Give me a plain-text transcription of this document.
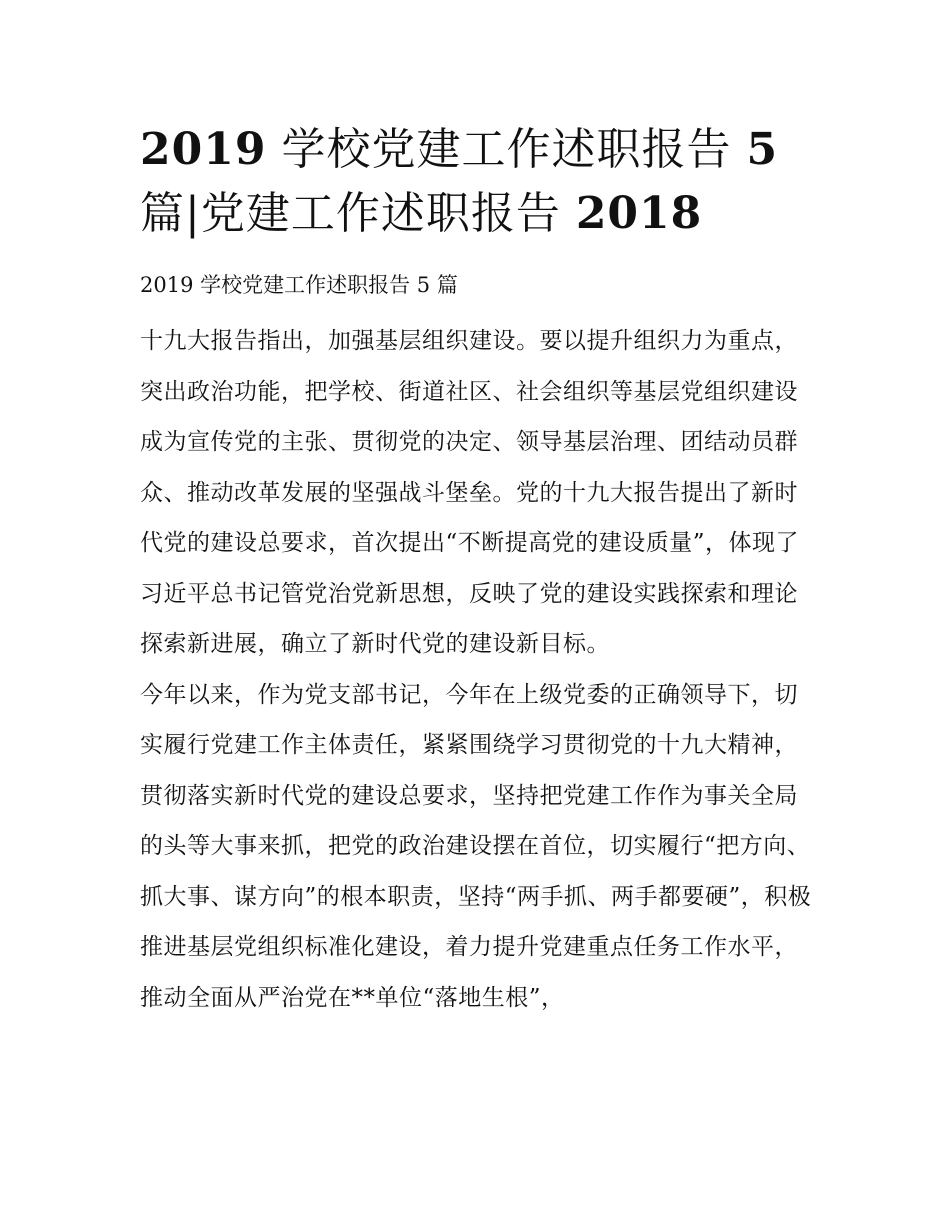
2019 学校党建工作述职报告 5
篇|党建工作述职报告 2018

2019 学校党建工作述职报告 5 篇

十九大报告指出，加强基层组织建设。要以提升组织力为重点，突出政治功能，把学校、街道社区、社会组织等基层党组织建设成为宣传党的主张、贯彻党的决定、领导基层治理、团结动员群众、推动改革发展的坚强战斗堡垒。党的十九大报告提出了新时代党的建设总要求，首次提出“不断提高党的建设质量”，体现了习近平总书记管党治党新思想，反映了党的建设实践探索和理论探索新进展，确立了新时代党的建设新目标。

今年以来，作为党支部书记，今年在上级党委的正确领导下，切实履行党建工作主体责任，紧紧围绕学习贯彻党的十九大精神，贯彻落实新时代党的建设总要求，坚持把党建工作作为事关全局的头等大事来抓，把党的政治建设摆在首位，切实履行“把方向、抓大事、谋方向”的根本职责，坚持“两手抓、两手都要硬”，积极推进基层党组织标准化建设，着力提升党建重点任务工作水平，推动全面从严治党在**单位“落地生根”，
